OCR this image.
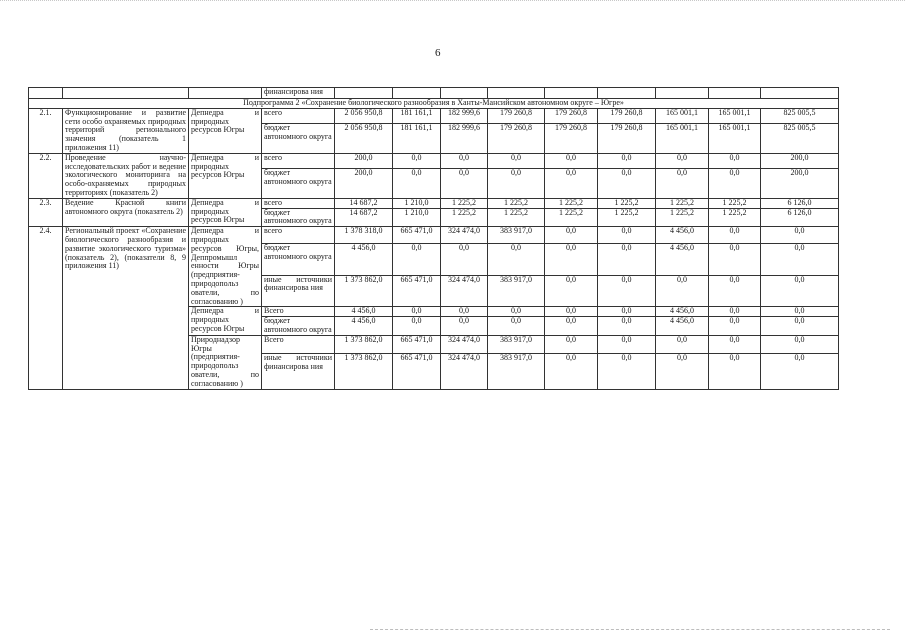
6
			финансирова ния									
Подпрограмма 2 «Сохранение биологического разнообразия в Ханты-Мансийском автономном округе – Югре»												
2.1.	Функционирование и развитие сети особо охраняемых природных территорий регионального значения (показатель 1 приложения 11)	Депнедра и природных ресурсов Югры	всего	2 056 950,8	181 161,1	182 999,6	179 260,8	179 260,8	179 260,8	165 001,1	165 001,1	825 005,5
			бюджет автономного округа	2 056 950,8	181 161,1	182 999,6	179 260,8	179 260,8	179 260,8	165 001,1	165 001,1	825 005,5
2.2.	Проведение научно-исследовательских работ и ведение экологического мониторинга на особо-охраняемых природных территориях (показатель 2)	Депнедра и природных ресурсов Югры	всего	200,0	0,0	0,0	0,0	0,0	0,0	0,0	0,0	200,0
			бюджет автономного округа	200,0	0,0	0,0	0,0	0,0	0,0	0,0	0,0	200,0
2.3.	Ведение Красной книги автономного округа (показатель 2)	Депнедра и природных ресурсов Югры	всего	14 687,2	1 210,0	1 225,2	1 225,2	1 225,2	1 225,2	1 225,2	1 225,2	6 126,0
			бюджет автономного округа	14 687,2	1 210,0	1 225,2	1 225,2	1 225,2	1 225,2	1 225,2	1 225,2	6 126,0
2.4.	Региональный проект «Сохранение биологического разнообразия и развитие экологического туризма» (показатель 2), (показатели 8, 9 приложения 11)	Депнедра и природных ресурсов Югры, Деппромышл енности Югры (предприятия-природопольз ователи, по согласованию )	всего	1 378 318,0	665 471,0	324 474,0	383 917,0	0,0	0,0	4 456,0	0,0	0,0
			бюджет автономного округа	4 456,0	0,0	0,0	0,0	0,0	0,0	4 456,0	0,0	0,0
			иные источники финансирова ния	1 373 862,0	665 471,0	324 474,0	383 917,0	0,0	0,0	0,0	0,0	0,0
		Депнедра и природных ресурсов Югры	Всего	4 456,0	0,0	0,0	0,0	0,0	0,0	4 456,0	0,0	0,0
			бюджет автономного округа	4 456,0	0,0	0,0	0,0	0,0	0,0	4 456,0	0,0	0,0
		Природнадзор Югры (предприятия-природопольз ователи, по согласованию )	Всего	1 373 862,0	665 471,0	324 474,0	383 917,0	0,0	0,0	0,0	0,0	0,0
			иные источники финансирова ния	1 373 862,0	665 471,0	324 474,0	383 917,0	0,0	0,0	0,0	0,0	0,0
